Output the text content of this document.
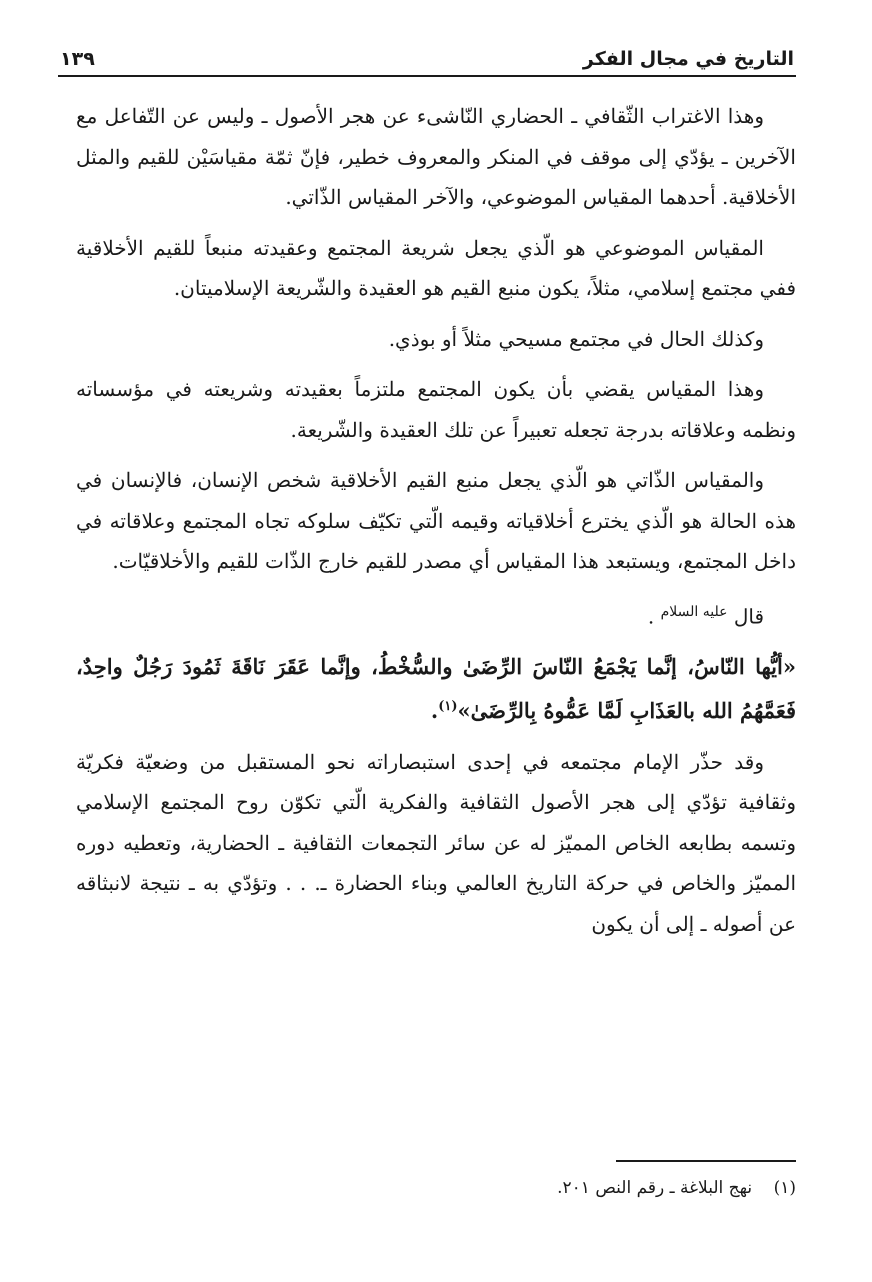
التاريخ في مجال الفكر
١٣٩

وهذا الاغتراب الثّقافي ـ الحضاري النّاشىء عن هجر الأصول ـ وليس عن التّفاعل مع الآخرين ـ يؤدّي إلى موقف في المنكر والمعروف خطير، فإنّ ثمّة مقياسَيْن للقيم والمثل الأخلاقية. أحدهما المقياس الموضوعي، والآخر المقياس الذّاتي.

المقياس الموضوعي هو الّذي يجعل شريعة المجتمع وعقيدته منبعاً للقيم الأخلاقية ففي مجتمع إسلامي، مثلاً، يكون منبع القيم هو العقيدة والشّريعة الإسلاميتان.

وكذلك الحال في مجتمع مسيحي مثلاً أو بوذي.

وهذا المقياس يقضي بأن يكون المجتمع ملتزماً بعقيدته وشريعته في مؤسساته ونظمه وعلاقاته بدرجة تجعله تعبيراً عن تلك العقيدة والشّريعة.

والمقياس الذّاتي هو الّذي يجعل منبع القيم الأخلاقية شخص الإنسان، فالإنسان في هذه الحالة هو الّذي يخترع أخلاقياته وقيمه الّتي تكيّف سلوكه تجاه المجتمع وعلاقاته في داخل المجتمع، ويستبعد هذا المقياس أي مصدر للقيم خارج الذّات للقيم والأخلاقيّات.

قال $^{عليه السلام}$ .

«أيُّها النّاسُ، إنَّما يَجْمَعُ النّاسَ الرِّضَىٰ والسُّخْطُ، وإنَّما عَقَرَ نَاقَةَ ثَمُودَ رَجُلٌ واحِدٌ، فَعَمَّهُمُ الله بالعَذَابِ لَمَّا عَمُّوهُ بِالرِّضَىٰ»$^{(١)}$.

وقد حذّر الإمام مجتمعه في إحدى استبصاراته نحو المستقبل من وضعيّة فكريّة وثقافية تؤدّي إلى هجر الأصول الثقافية والفكرية الّتي تكوّن روح المجتمع الإسلامي وتسمه بطابعه الخاص المميّز له عن سائر التجمعات الثقافية ـ الحضارية، وتعطيه دوره المميّز والخاص في حركة التاريخ العالمي وبناء الحضارة ـ. . . وتؤدّي به ـ نتيجة لانبثاقه عن أصوله ـ إلى أن يكون

(١) نهج البلاغة ـ رقم النص ٢٠١.
